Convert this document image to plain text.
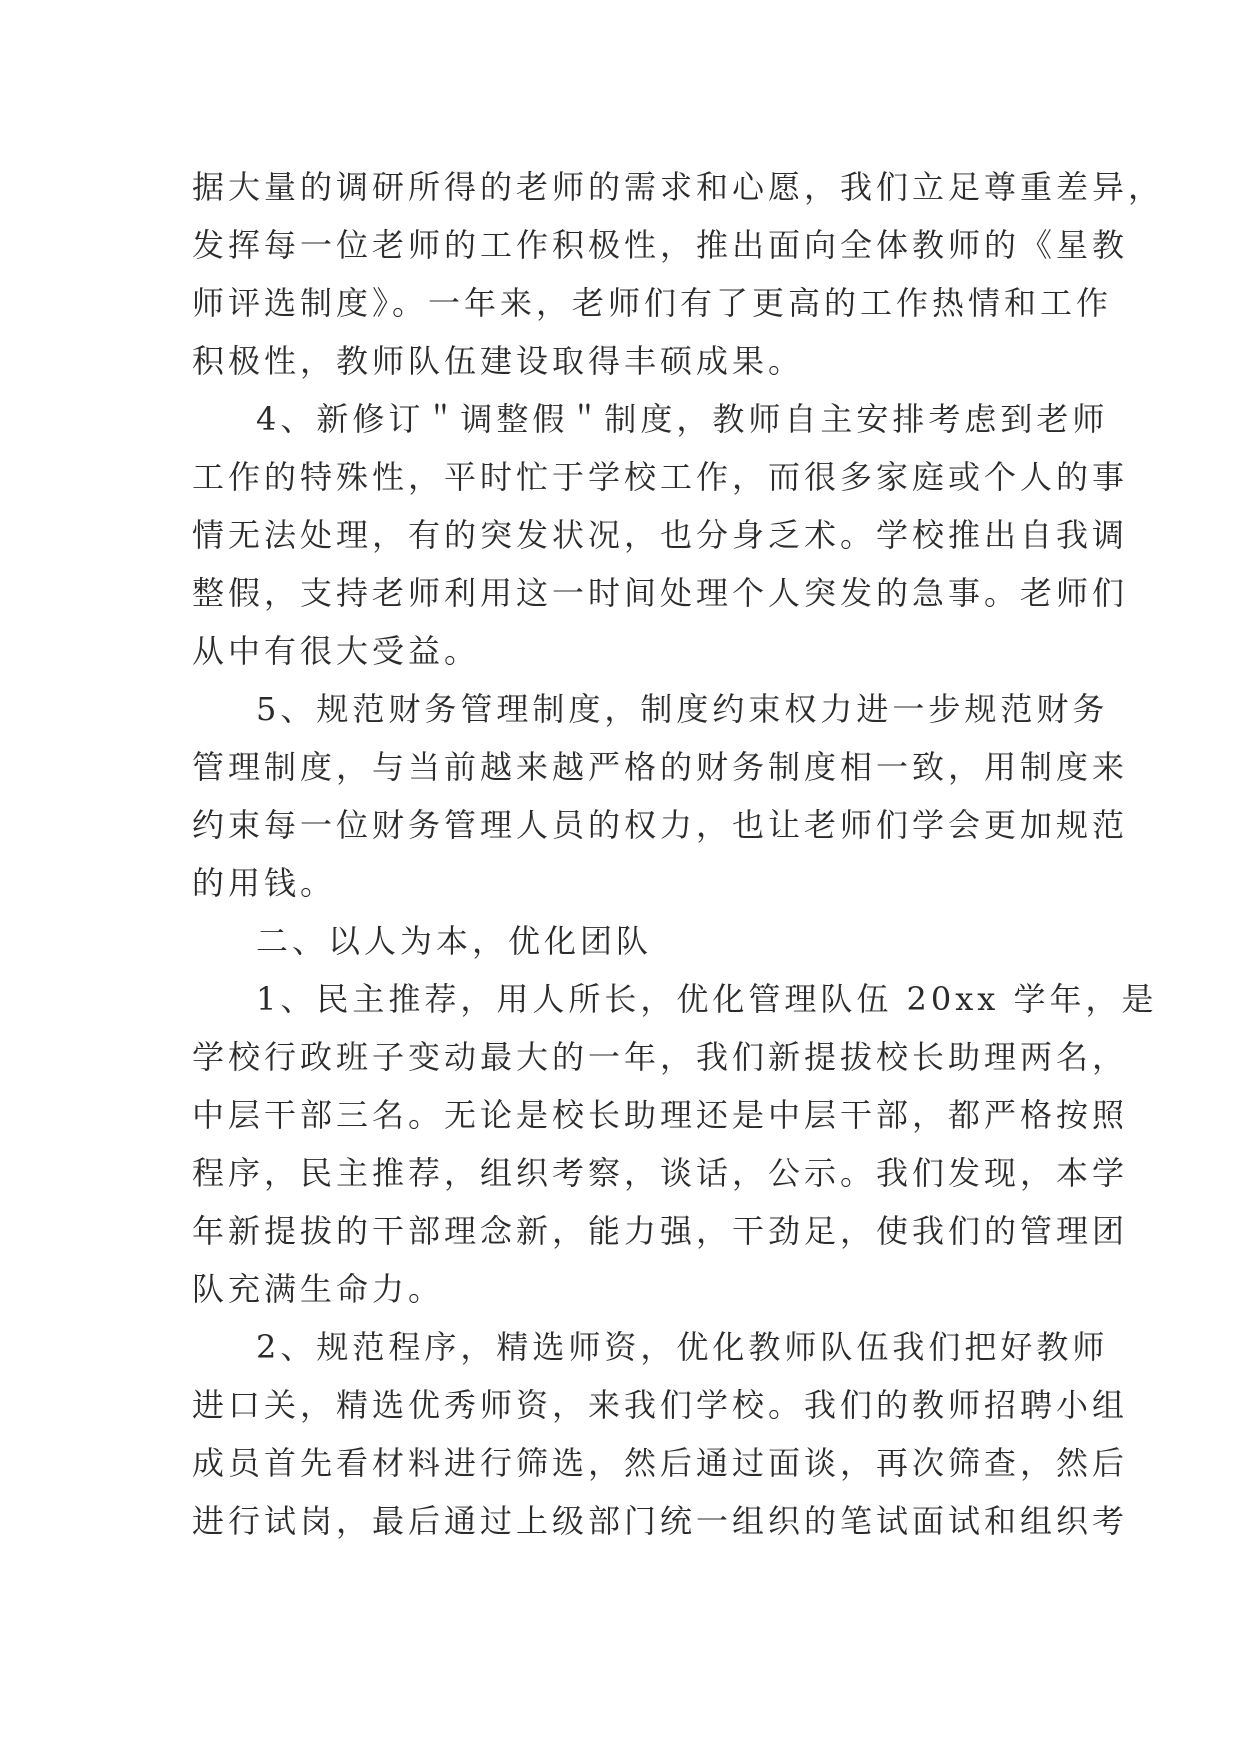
据大量的调研所得的老师的需求和心愿，我们立足尊重差异，
发挥每一位老师的工作积极性，推出面向全体教师的《星教
师评选制度》。一年来，老师们有了更高的工作热情和工作
积极性，教师队伍建设取得丰硕成果。
4、新修订＂调整假＂制度，教师自主安排考虑到老师
工作的特殊性，平时忙于学校工作，而很多家庭或个人的事
情无法处理，有的突发状况，也分身乏术。学校推出自我调
整假，支持老师利用这一时间处理个人突发的急事。老师们
从中有很大受益。
5、规范财务管理制度，制度约束权力进一步规范财务
管理制度，与当前越来越严格的财务制度相一致，用制度来
约束每一位财务管理人员的权力，也让老师们学会更加规范
的用钱。
二、以人为本，优化团队
1、民主推荐，用人所长，优化管理队伍 20xx 学年，是
学校行政班子变动最大的一年，我们新提拔校长助理两名，
中层干部三名。无论是校长助理还是中层干部，都严格按照
程序，民主推荐，组织考察，谈话，公示。我们发现，本学
年新提拔的干部理念新，能力强，干劲足，使我们的管理团
队充满生命力。
2、规范程序，精选师资，优化教师队伍我们把好教师
进口关，精选优秀师资，来我们学校。我们的教师招聘小组
成员首先看材料进行筛选，然后通过面谈，再次筛查，然后
进行试岗，最后通过上级部门统一组织的笔试面试和组织考
